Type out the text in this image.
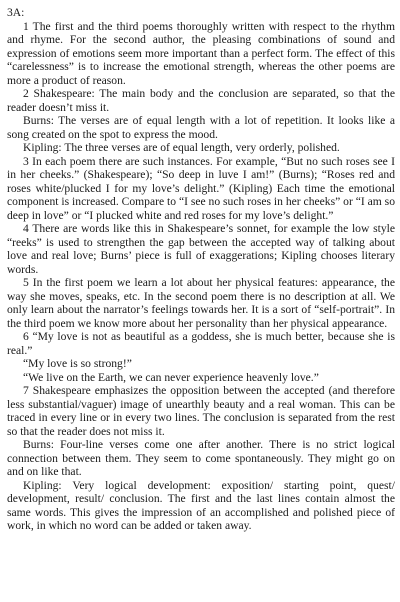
3A:

1 The first and the third poems thoroughly written with respect to the rhythm and rhyme. For the second author, the pleasing combinations of sound and expression of emotions seem more important than a perfect form. The effect of this “carelessness” is to increase the emotional strength, whereas the other poems are more a product of reason.

2 Shakespeare: The main body and the conclusion are separated, so that the reader doesn’t miss it.

Burns: The verses are of equal length with a lot of repetition. It looks like a song created on the spot to express the mood.

Kipling: The three verses are of equal length, very orderly, polished.

3 In each poem there are such instances. For example, “But no such roses see I in her cheeks.” (Shakespeare); “So deep in luve I am!” (Burns); “Roses red and roses white/plucked I for my love’s delight.” (Kipling) Each time the emotional component is increased. Compare to “I see no such roses in her cheeks” or “I am so deep in love” or “I plucked white and red roses for my love’s delight.”

4 There are words like this in Shakespeare’s sonnet, for example the low style “reeks” is used to strengthen the gap between the accepted way of talking about love and real love; Burns’ piece is full of exaggerations; Kipling chooses literary words.

5 In the first poem we learn a lot about her physical features: appearance, the way she moves, speaks, etc. In the second poem there is no description at all. We only learn about the narrator’s feelings towards her. It is a sort of “self-portrait”. In the third poem we know more about her personality than her physical appearance.

6 “My love is not as beautiful as a goddess, she is much better, because she is real.”

“My love is so strong!”

“We live on the Earth, we can never experience heavenly love.”

7 Shakespeare emphasizes the opposition between the accepted (and therefore less substantial/vaguer) image of unearthly beauty and a real woman. This can be traced in every line or in every two lines. The conclusion is separated from the rest so that the reader does not miss it.

Burns: Four-line verses come one after another. There is no strict logical connection between them. They seem to come spontaneously. They might go on and on like that.

Kipling: Very logical development: exposition/ starting point, quest/ development, result/ conclusion. The first and the last lines contain almost the same words. This gives the impression of an accomplished and polished piece of work, in which no word can be added or taken away.
